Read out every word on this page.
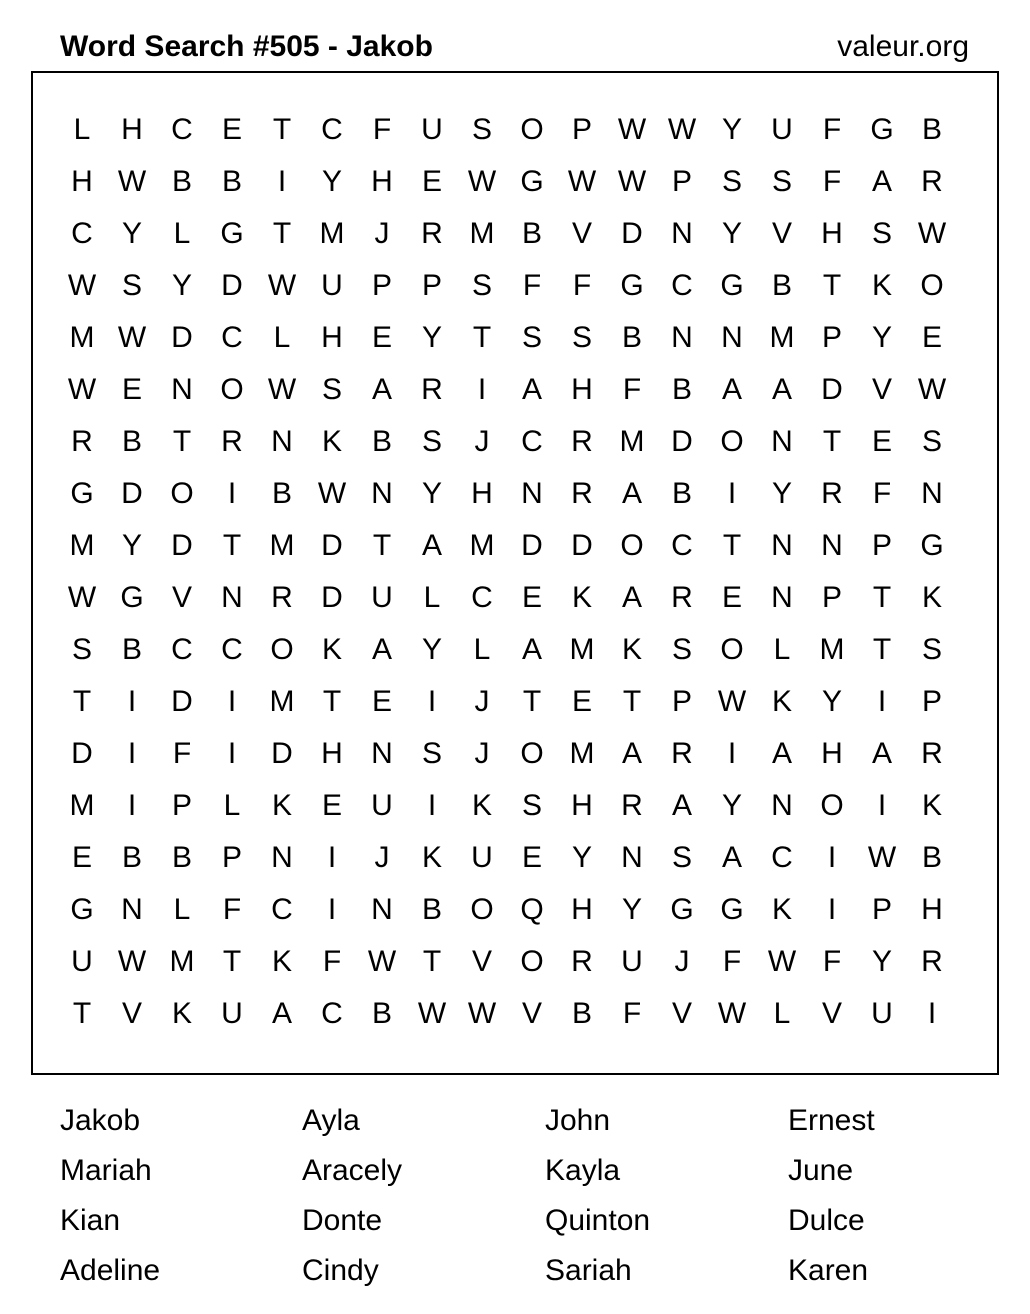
Word Search #505 - Jakob	valeur.org
L	H C E	T	C	F	U S O P W W Y U	F G B
H W B B	I	Y H E W G W W P S S	F	A R
C Y	L G T M	J	R M B V D N Y V H S W
W S Y D W U P P S	F	F G C G B	T	K O
M W D C	L	H E Y	T	S S B N N M P Y E
W E N O W S A R	I	A H	F	B A A D V W
R B	T	R N K B S	J	C R M D O N	T	E S
G D O	I	B W N Y H N R A B	I	Y R	F	N
M Y D	T M D	T	A M D D O C	T	N N P G
W G V N R D U	L	C E K A R E N P	T	K
S B C C O K A Y	L	A M K S O L M T	S
T	I	D	I	M T	E	I	J	T	E	T	P W K Y	I	P
D	I	F	I	D H N S	J	O M A R	I	A H A R
M	I	P	L	K E U	I	K S H R A Y N O	I	K
E B B P N	I	J	K U E Y N S A C	I	W B
G N	L	F	C	I	N B O Q H Y G G K	I	P H
U W M T	K	F W T	V O R U	J	F W F	Y R
T	V K U A C B W W V B	F	V W L	V U	I
Jakob	Ayla	John	Ernest
Mariah	Aracely	Kayla	June
Kian	Donte	Quinton	Dulce
Adeline	Cindy	Sariah	Karen
